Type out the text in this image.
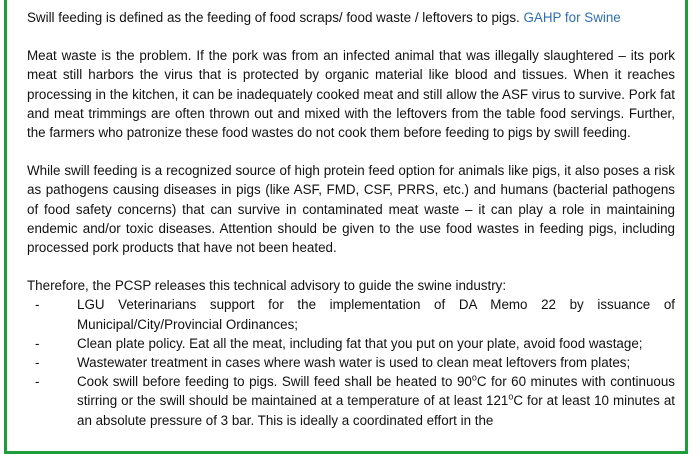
Swill feeding is defined as the feeding of food scraps/ food waste / leftovers to pigs. GAHP for Swine

Meat waste is the problem. If the pork was from an infected animal that was illegally slaughtered – its pork meat still harbors the virus that is protected by organic material like blood and tissues. When it reaches processing in the kitchen, it can be inadequately cooked meat and still allow the ASF virus to survive. Pork fat and meat trimmings are often thrown out and mixed with the leftovers from the table food servings. Further, the farmers who patronize these food wastes do not cook them before feeding to pigs by swill feeding.

While swill feeding is a recognized source of high protein feed option for animals like pigs, it also poses a risk as pathogens causing diseases in pigs (like ASF, FMD, CSF, PRRS, etc.) and humans (bacterial pathogens of food safety concerns) that can survive in contaminated meat waste – it can play a role in maintaining endemic and/or toxic diseases. Attention should be given to the use food wastes in feeding pigs, including processed pork products that have not been heated.

Therefore, the PCSP releases this technical advisory to guide the swine industry:

-	LGU Veterinarians support for the implementation of DA Memo 22 by issuance of Municipal/City/Provincial Ordinances;
-	Clean plate policy. Eat all the meat, including fat that you put on your plate, avoid food wastage;
-	Wastewater treatment in cases where wash water is used to clean meat leftovers from plates;
-	Cook swill before feeding to pigs. Swill feed shall be heated to 90$^o$C for 60 minutes with continuous stirring or the swill should be maintained at a temperature of at least 121$^o$C for at least 10 minutes at an absolute pressure of 3 bar. This is ideally a coordinated effort in the
